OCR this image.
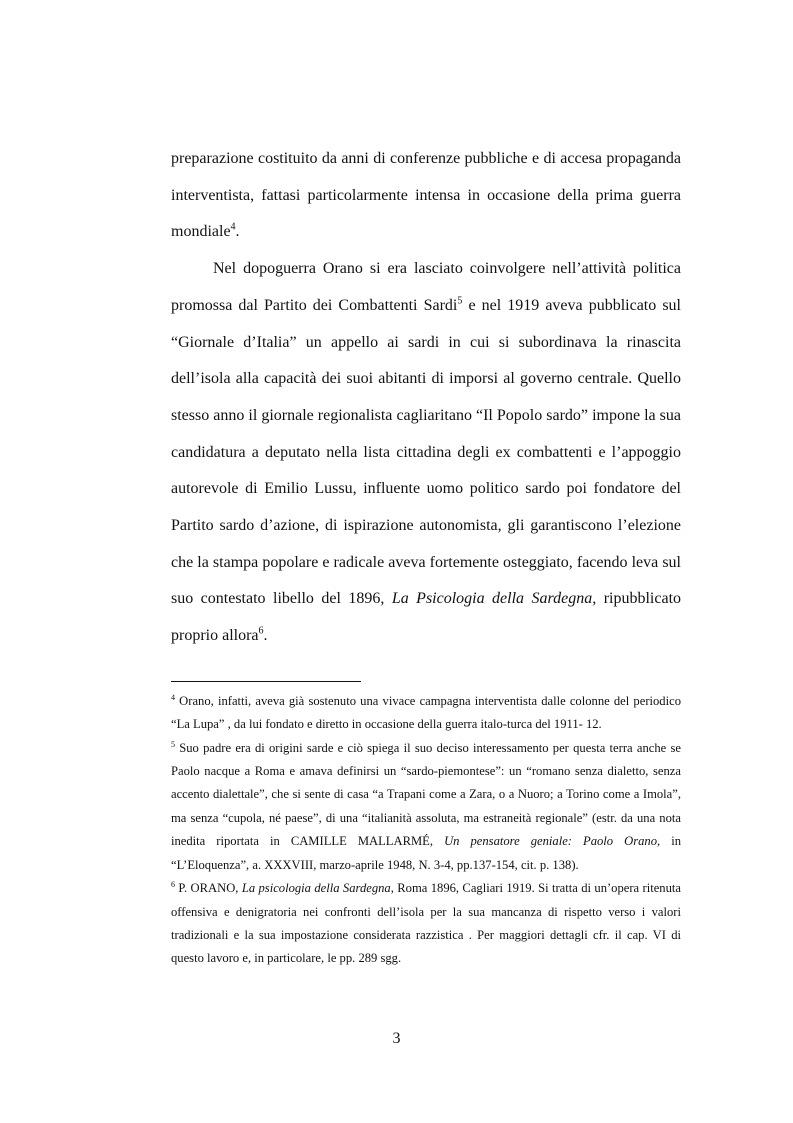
preparazione costituito da anni di conferenze pubbliche e di accesa propaganda interventista, fattasi particolarmente intensa in occasione della prima guerra mondiale$^4$.

Nel dopoguerra Orano si era lasciato coinvolgere nell’attività politica promossa dal Partito dei Combattenti Sardi$^5$ e nel 1919 aveva pubblicato sul “Giornale d’Italia” un appello ai sardi in cui si subordinava la rinascita dell’isola alla capacità dei suoi abitanti di imporsi al governo centrale. Quello stesso anno il giornale regionalista cagliaritano “Il Popolo sardo” impone la sua candidatura a deputato nella lista cittadina degli ex combattenti e l’appoggio autorevole di Emilio Lussu, influente uomo politico sardo poi fondatore del Partito sardo d’azione, di ispirazione autonomista, gli garantiscono l’elezione che la stampa popolare e radicale aveva fortemente osteggiato, facendo leva sul suo contestato libello del 1896, La Psicologia della Sardegna, ripubblicato proprio allora$^6$.

$^4$ Orano, infatti, aveva già sostenuto una vivace campagna interventista dalle colonne del periodico “La Lupa” , da lui fondato e diretto in occasione della guerra italo-turca del 1911- 12.

$^5$ Suo padre era di origini sarde e ciò spiega il suo deciso interessamento per questa terra anche se Paolo nacque a Roma e amava definirsi un “sardo-piemontese”: un “romano senza dialetto, senza accento dialettale”, che si sente di casa “a Trapani come a Zara, o a Nuoro; a Torino come a Imola”, ma senza “cupola, né paese”, di una “italianità assoluta, ma estraneità regionale” (estr. da una nota inedita riportata in CAMILLE MALLARMÉ, Un pensatore geniale: Paolo Orano, in “L’Eloquenza”, a. XXXVIII, marzo-aprile 1948, N. 3-4, pp.137-154, cit. p. 138).

$^6$ P. ORANO, La psicologia della Sardegna, Roma 1896, Cagliari 1919. Si tratta di un’opera ritenuta offensiva e denigratoria nei confronti dell’isola per la sua mancanza di rispetto verso i valori tradizionali e la sua impostazione considerata razzistica . Per maggiori dettagli cfr. il cap. VI di questo lavoro e, in particolare, le pp. 289 sgg.

3
